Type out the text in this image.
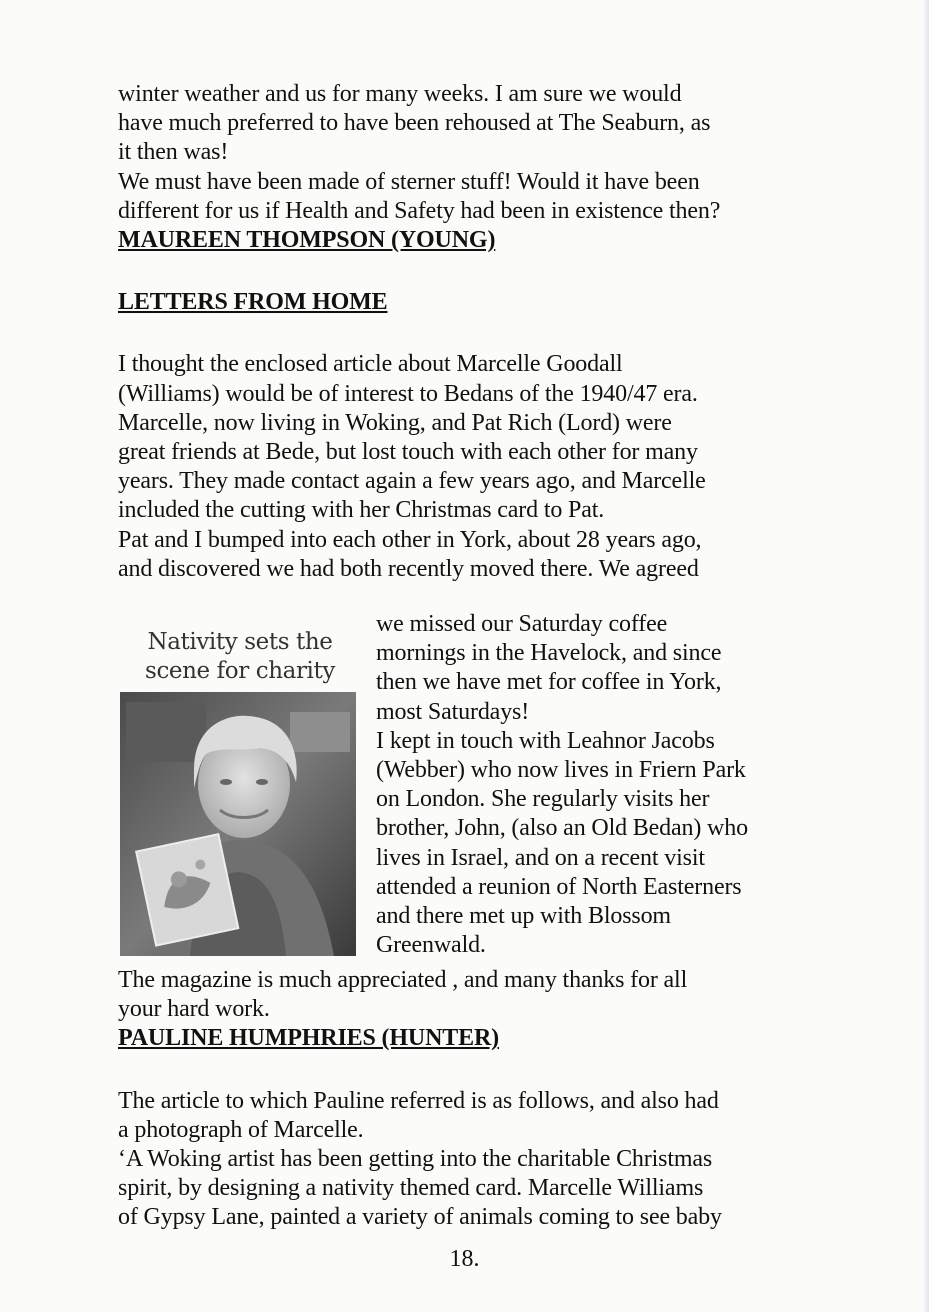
winter weather and us for many weeks. I am sure we would

have much preferred to have been rehoused at The Seaburn, as

it then was!

We must have been made of sterner stuff! Would it have been

different for us if Health and Safety had been in existence then?

MAUREEN THOMPSON (YOUNG)

LETTERS FROM HOME

I thought the enclosed article about Marcelle Goodall

(Williams) would be of interest to Bedans of the 1940/47 era.

Marcelle, now living in Woking, and Pat Rich (Lord) were

great friends at Bede, but lost touch with each other for many

years. They made contact again a few years ago, and Marcelle

included the cutting with her Christmas card to Pat.

Pat and I bumped into each other in York, about 28 years ago,

and discovered we had both recently moved there. We agreed

Nativity sets the
scene for charity

we missed our Saturday coffee

mornings in the Havelock, and since

then we have met for coffee in York,

most Saturdays!

I kept in touch with Leahnor Jacobs

(Webber) who now lives in Friern Park

on London. She regularly visits her

brother, John, (also an Old Bedan) who

lives in Israel, and on a recent visit

attended a reunion of North Easterners

and there met up with Blossom

Greenwald.

The magazine is much appreciated , and many thanks for all

your hard work.

PAULINE HUMPHRIES (HUNTER)

The article to which Pauline referred is as follows, and also had

a photograph of Marcelle.

‘A Woking artist has been getting into the charitable Christmas

spirit, by designing a nativity themed card. Marcelle Williams

of Gypsy Lane, painted a variety of animals coming to see baby

18.
